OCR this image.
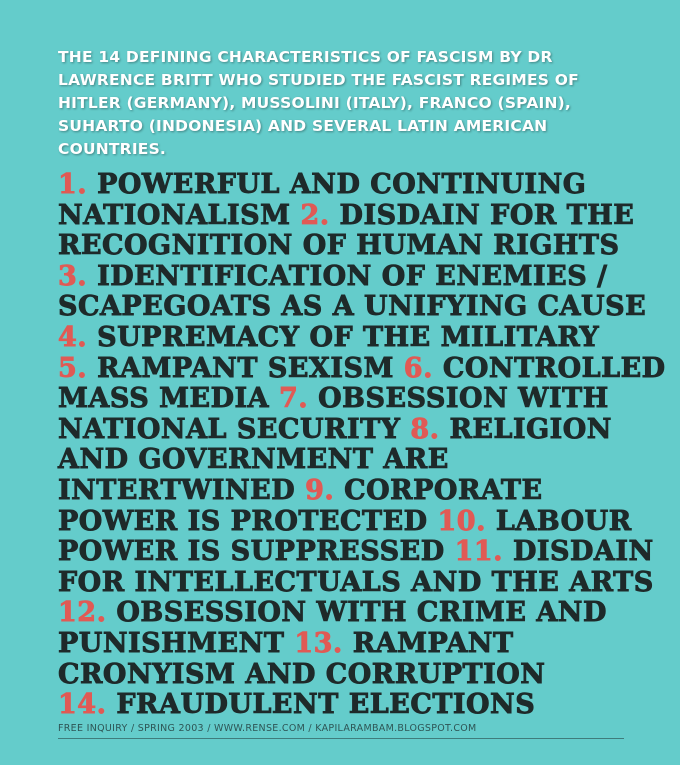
THE 14 DEFINING CHARACTERISTICS OF FASCISM BY DR LAWRENCE BRITT WHO STUDIED THE FASCIST REGIMES OF HITLER (GERMANY), MUSSOLINI (ITALY), FRANCO (SPAIN), SUHARTO (INDONESIA) AND SEVERAL LATIN AMERICAN COUNTRIES.
1. POWERFUL AND CONTINUING NATIONALISM 2. DISDAIN FOR THE RECOGNITION OF HUMAN RIGHTS
3. IDENTIFICATION OF ENEMIES / SCAPEGOATS AS A UNIFYING CAUSE
4. SUPREMACY OF THE MILITARY
5. RAMPANT SEXISM 6. CONTROLLED MASS MEDIA 7. OBSESSION WITH NATIONAL SECURITY 8. RELIGION AND GOVERNMENT ARE INTERTWINED 9. CORPORATE POWER IS PROTECTED 10. LABOUR POWER IS SUPPRESSED 11. DISDAIN FOR INTELLECTUALS AND THE ARTS
12. OBSESSION WITH CRIME AND PUNISHMENT 13. RAMPANT CRONYISM AND CORRUPTION
14. FRAUDULENT ELECTIONS
FREE INQUIRY / SPRING 2003 / WWW.RENSE.COM / KAPILARAMBAM.BLOGSPOT.COM
